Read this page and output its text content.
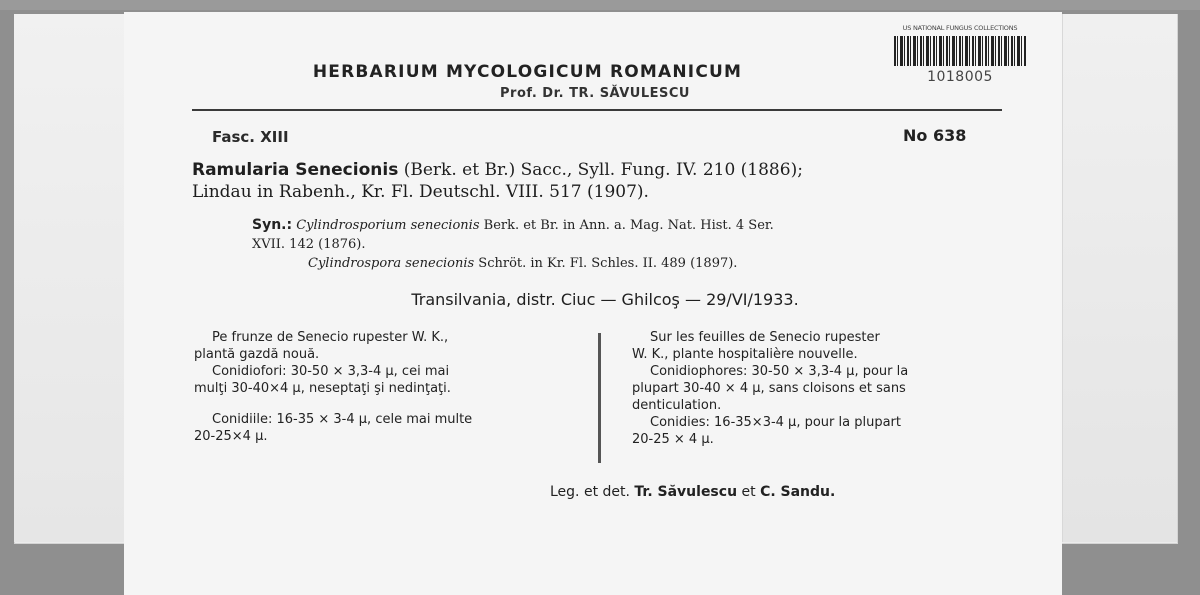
HERBARIUM MYCOLOGICUM ROMANICUM
Prof. Dr. TR. SĂVULESCU
US NATIONAL FUNGUS COLLECTIONS
1018005
Fasc. XIII	No 638
Ramularia Senecionis (Berk. et Br.) Sacc., Syll. Fung. IV. 210 (1886);
Lindau in Rabenh., Kr. Fl. Deutschl. VIII. 517 (1907).
Syn.: Cylindrosporium senecionis Berk. et Br. in Ann. a. Mag. Nat. Hist. 4 Ser.
XVII. 142 (1876).
Cylindrospora senecionis Schröt. in Kr. Fl. Schles. II. 489 (1897).
Transilvania, distr. Ciuc — Ghilcoş — 29/VI/1933.
Pe frunze de Senecio rupester W. K.,
plantă gazdă nouă.
Conidiofori: 30-50 × 3,3-4 µ, cei mai
mulţi 30-40×4 µ, neseptaţi şi nedinţaţi.
Conidiile: 16-35 × 3-4 µ, cele mai multe
20-25×4 µ.
Sur les feuilles de Senecio rupester
W. K., plante hospitalière nouvelle.
Conidiophores: 30-50 × 3,3-4 µ, pour la
plupart 30-40 × 4 µ, sans cloisons et sans
denticulation.
Conidies: 16-35×3-4 µ, pour la plupart
20-25 × 4 µ.
Leg. et det. Tr. Săvulescu et C. Sandu.
